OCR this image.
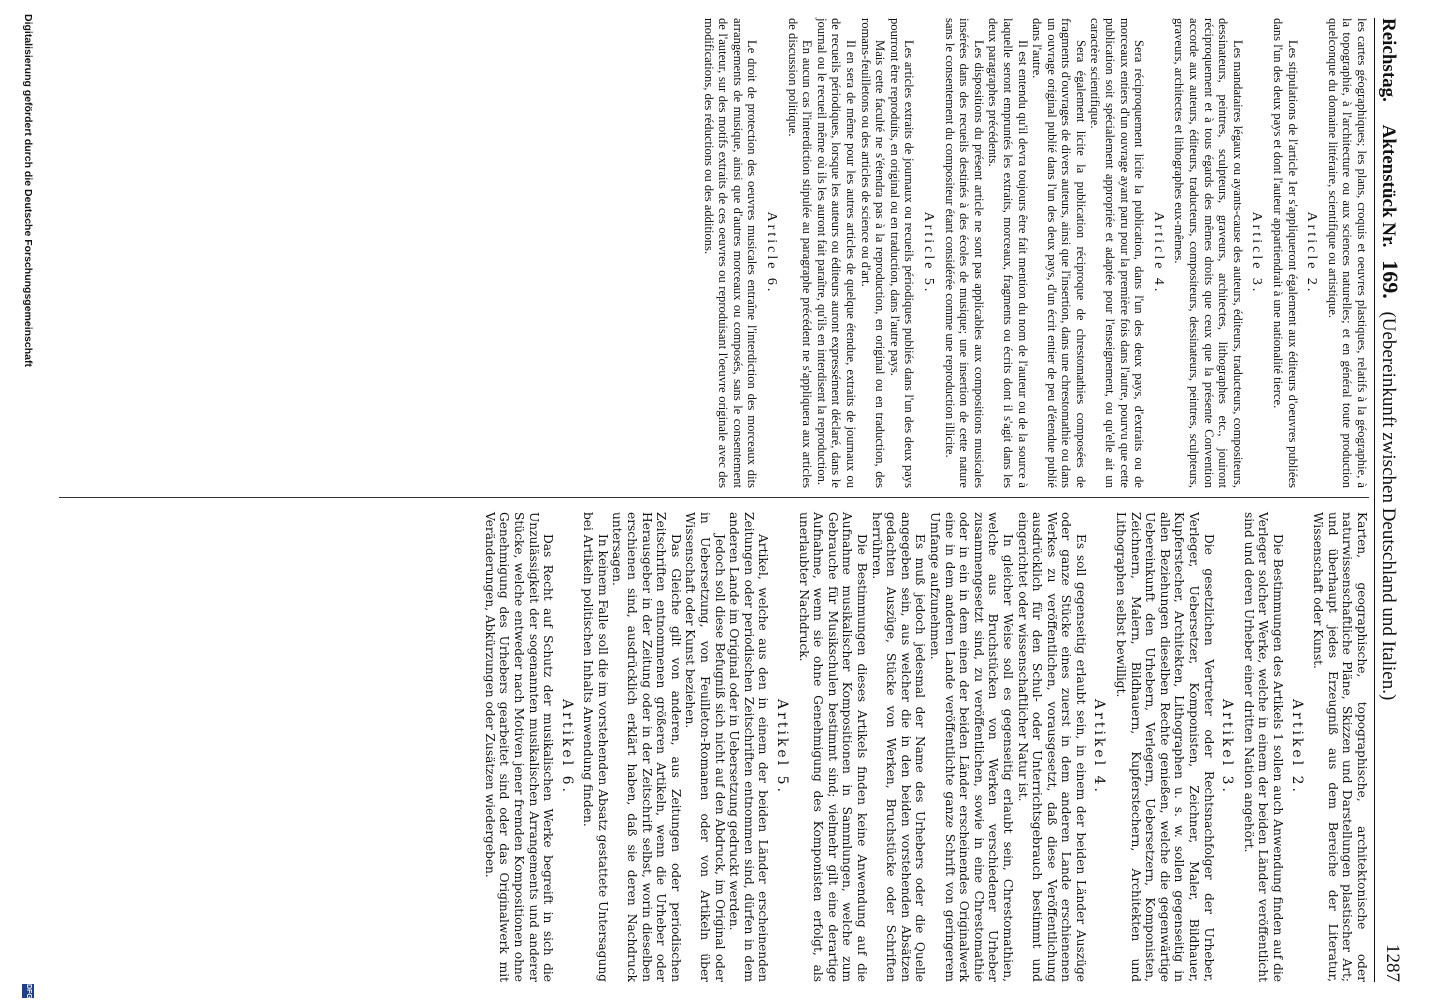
Reichstag.     Aktenstück Nr. 169. (Uebereinkunft zwischen Deutschland und Italien.)
1287

les cartes géographiques; les plans, croquis et oeuvres plastiques, relatifs à la géographie, à la topographie, à l'architecture ou aux sciences naturelles; et en général toute production quelconque du domaine littéraire, scientifique ou artistique.

Article 2.

Les stipulations de l'article 1er s'appliqueront également aux éditeurs d'oeuvres publiées dans l'un des deux pays et dont l'auteur appartiendrait à une nationalité tierce.

Article 3.

Les mandataires légaux ou ayants-cause des auteurs, éditeurs, traducteurs, compositeurs, dessinateurs, peintres, sculpteurs, graveurs, architectes, lithographes etc., jouiront réciproquement et à tous égards des mêmes droits que ceux que la présente Convention accorde aux auteurs, éditeurs, traducteurs, compositeurs, dessinateurs, peintres, sculpteurs, graveurs, architectes et lithographes eux-mêmes.

Article 4.

Sera réciproquement licite la publication, dans l'un des deux pays, d'extraits ou de morceaux entiers d'un ouvrage ayant paru pour la première fois dans l'autre, pourvu que cette publication soit spécialement appropriée et adaptée pour l'enseignement, ou qu'elle ait un caractère scientifique.

Sera également licite la publication réciproque de chrestomathies composées de fragments d'ouvrages de divers auteurs, ainsi que l'insertion, dans une chrestomathie ou dans un ouvrage original publié dans l'un des deux pays, d'un écrit entier de peu d'étendue publié dans l'autre.

Il est entendu qu'il devra toujours être fait mention du nom de l'auteur ou de la source à laquelle seront empruntés les extraits, morceaux, fragments ou écrits dont il s'agit dans les deux paragraphes précédents.

Les dispositions du présent article ne sont pas applicables aux compositions musicales insérées dans des recueils destinés à des écoles de musique; une insertion de cette nature sans le consentement du compositeur étant considérée comme une reproduction illicite.

Article 5.

Les articles extraits de journaux ou recueils périodiques publiés dans l'un des deux pays pourront être reproduits, en original ou en traduction, dans l'autre pays.

Mais cette faculté ne s'étendra pas à la reproduction, en original ou en traduction, des romans-feuilletons ou des articles de science ou d'art.

Il en sera de même pour les autres articles de quelque étendue, extraits de journaux ou de recueils périodiques, lorsque les auteurs ou éditeurs auront expressément déclaré, dans le journal ou le recueil même où ils les auront fait paraître, qu'ils en interdisent la reproduction.

En aucun cas l'interdiction stipulée au paragraphe précédent ne s'appliquera aux articles de discussion politique.

Article 6.

Le droit de protection des oeuvres musicales entraîne l'interdiction des morceaux dits arrangements de musique, ainsi que d'autres morceaux ou composés, sans le consentement de l'auteur, sur des motifs extraits de ces oeuvres ou reproduisant l'oeuvre originale avec des modifications, des réductions ou des additions.

Karten, geographische, topographische, architektonische oder naturwissenschaftliche Pläne, Skizzen und Darstellungen plastischer Art; und überhaupt jedes Erzeugniß aus dem Bereiche der Literatur, Wissenschaft oder Kunst.

Artikel 2.

Die Bestimmungen des Artikels 1 sollen auch Anwendung finden auf die Verleger solcher Werke, welche in einem der beiden Länder veröffentlicht sind und deren Urheber einer dritten Nation angehört.

Artikel 3.

Die gesetzlichen Vertreter oder Rechtsnachfolger der Urheber, Verleger, Uebersetzer, Komponisten, Zeichner, Maler, Bildhauer, Kupferstecher, Architekten, Lithographen u. s. w. sollen gegenseitig in allen Beziehungen dieselben Rechte genießen, welche die gegenwärtige Uebereinkunft den Urhebern, Verlegern, Uebersetzern, Komponisten, Zeichnern, Malern, Bildhauern, Kupferstechern, Architekten und Lithographen selbst bewilligt.

Artikel 4.

Es soll gegenseitig erlaubt sein, in einem der beiden Länder Auszüge oder ganze Stücke eines zuerst in dem anderen Lande erschienenen Werkes zu veröffentlichen, vorausgesetzt, daß diese Veröffentlichung ausdrücklich für den Schul- oder Unterrichtsgebrauch bestimmt und eingerichtet oder wissenschaftlicher Natur ist.

In gleicher Weise soll es gegenseitig erlaubt sein, Chrestomathien, welche aus Bruchstücken von Werken verschiedener Urheber zusammengesetzt sind, zu veröffentlichen, sowie in eine Chrestomathie oder in ein in dem einen der beiden Länder erscheinendes Originalwerk eine in dem anderen Lande veröffentlichte ganze Schrift von geringerem Umfange aufzunehmen.

Es muß jedoch jedesmal der Name des Urhebers oder die Quelle angegeben sein, aus welcher die in den beiden vorstehenden Absätzen gedachten Auszüge, Stücke von Werken, Bruchstücke oder Schriften herrühren.

Die Bestimmungen dieses Artikels finden keine Anwendung auf die Aufnahme musikalischer Kompositionen in Sammlungen, welche zum Gebrauche für Musikschulen bestimmt sind; vielmehr gilt eine derartige Aufnahme, wenn sie ohne Genehmigung des Komponisten erfolgt, als unerlaubter Nachdruck.

Artikel 5.

Artikel, welche aus den in einem der beiden Länder erscheinenden Zeitungen oder periodischen Zeitschriften entnommen sind, dürfen in dem anderen Lande im Original oder in Uebersetzung gedruckt werden.

Jedoch soll diese Befugniß sich nicht auf den Abdruck, im Original oder in Uebersetzung, von Feuilleton-Romanen oder von Artikeln über Wissenschaft oder Kunst beziehen.

Das Gleiche gilt von anderen, aus Zeitungen oder periodischen Zeitschriften entnommenen größeren Artikeln, wenn die Urheber oder Herausgeber in der Zeitung oder in der Zeitschrift selbst, worin dieselben erschienen sind, ausdrücklich erklärt haben, daß sie deren Nachdruck untersagen.

In keinem Falle soll die im vorstehenden Absatz gestattete Untersagung bei Artikeln politischen Inhalts Anwendung finden.

Artikel 6.

Das Recht auf Schutz der musikalischen Werke begreift in sich die Unzulässigkeit der sogenannten musikalischen Arrangements und anderer Stücke, welche entweder nach Motiven jener fremden Kompositionen ohne Genehmigung des Urhebers gearbeitet sind oder das Originalwerk mit Veränderungen, Abkürzungen oder Zusätzen wiedergeben.

Digitalisierung gefördert durch die Deutsche Forschungsgemeinschaft
DFG
